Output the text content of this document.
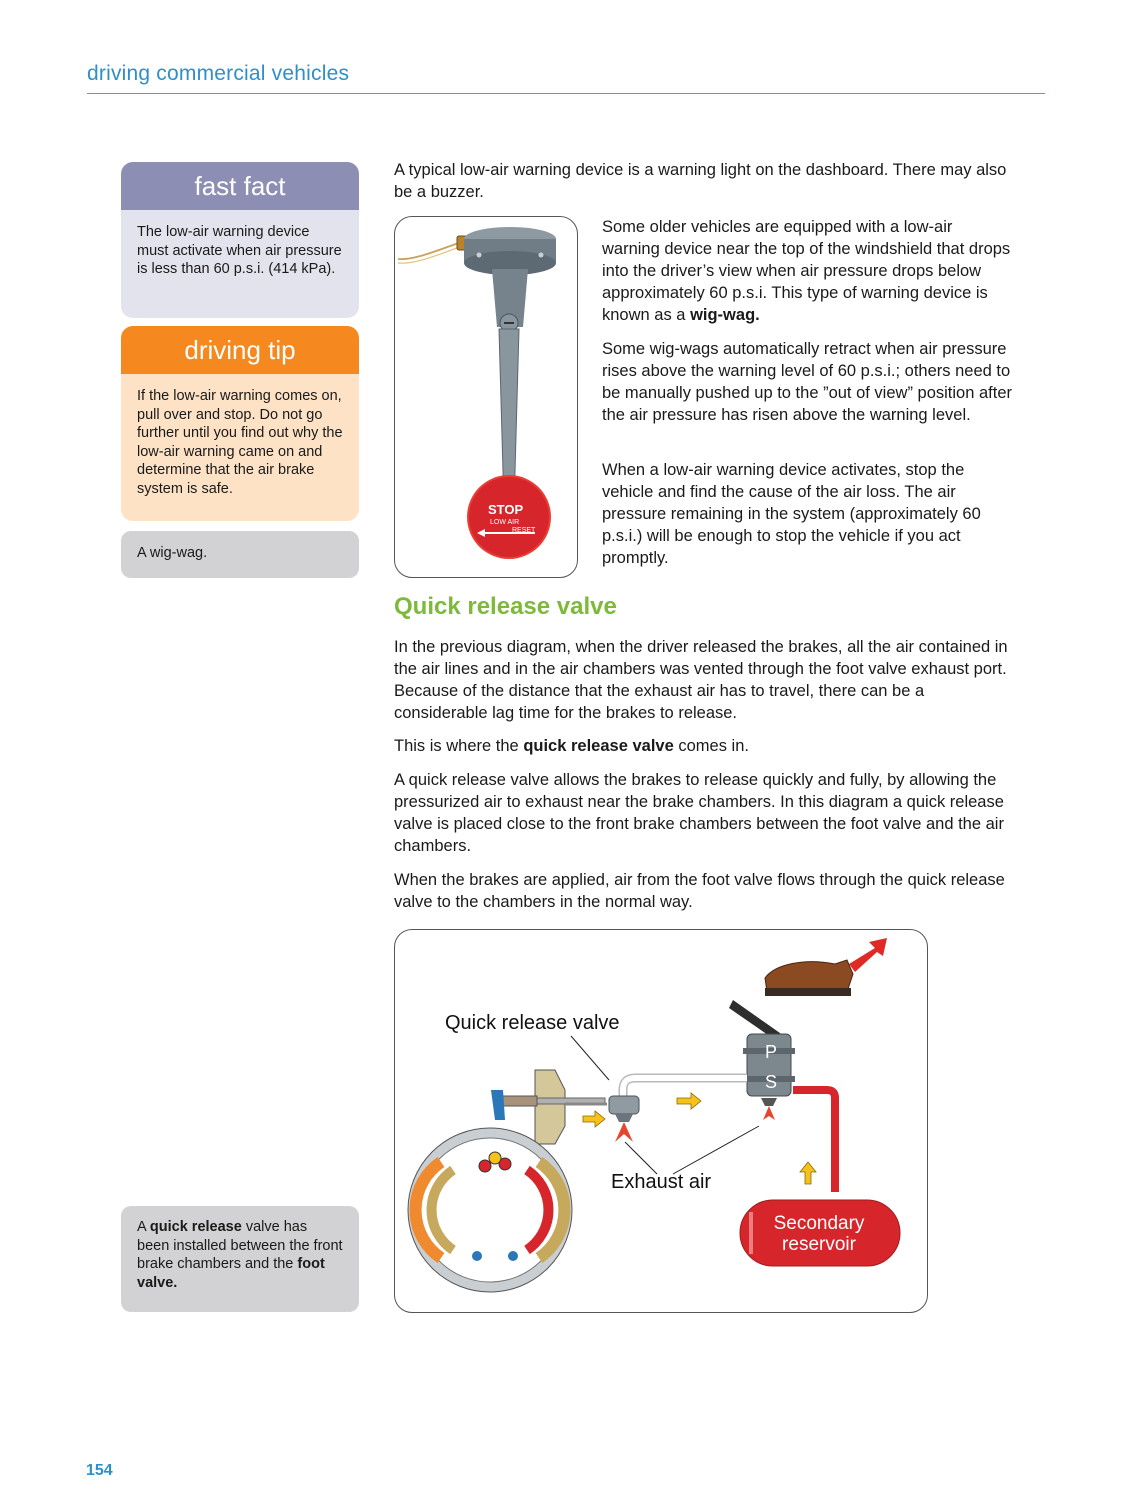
driving commercial vehicles
fast fact
The low-air warning device must activate when air pressure is less than 60 p.s.i. (414 kPa).
driving tip
If the low-air warning comes on, pull over and stop. Do not go further until you find out why the low-air warning came on and determine that the air brake system is safe.
A wig-wag.
A quick release valve has been installed between the front brake chambers and the foot valve.

A typical low-air warning device is a warning light on the dashboard. There may also be a buzzer.

STOP
LOW AIR
RESET

Some older vehicles are equipped with a low-air warning device near the top of the windshield that drops into the driver’s view when air pressure drops below approximately 60 p.s.i. This type of warning device is known as a wig-wag.

Some wig-wags automatically retract when air pressure rises above the warning level of 60 p.s.i.; others need to be manually pushed up to the ”out of view” position after the air pressure has risen above the warning level.

When a low-air warning device activates, stop the vehicle and find the cause of the air loss. The air pressure remaining in the system (approximately 60 p.s.i.) will be enough to stop the vehicle if you act promptly.

Quick release valve

In the previous diagram, when the driver released the brakes, all the air contained in the air lines and in the air chambers was vented through the foot valve exhaust port. Because of the distance that the exhaust air has to travel, there can be a considerable lag time for the brakes to release.

This is where the quick release valve comes in.

A quick release valve allows the brakes to release quickly and fully, by allowing the pressurized air to exhaust near the brake chambers. In this diagram a quick release valve is placed close to the front brake chambers between the foot valve and the air chambers.

When the brakes are applied, air from the foot valve flows through the quick release valve to the chambers in the normal way.

Quick release valve
Exhaust air
Secondary reservoir
P
S
154
